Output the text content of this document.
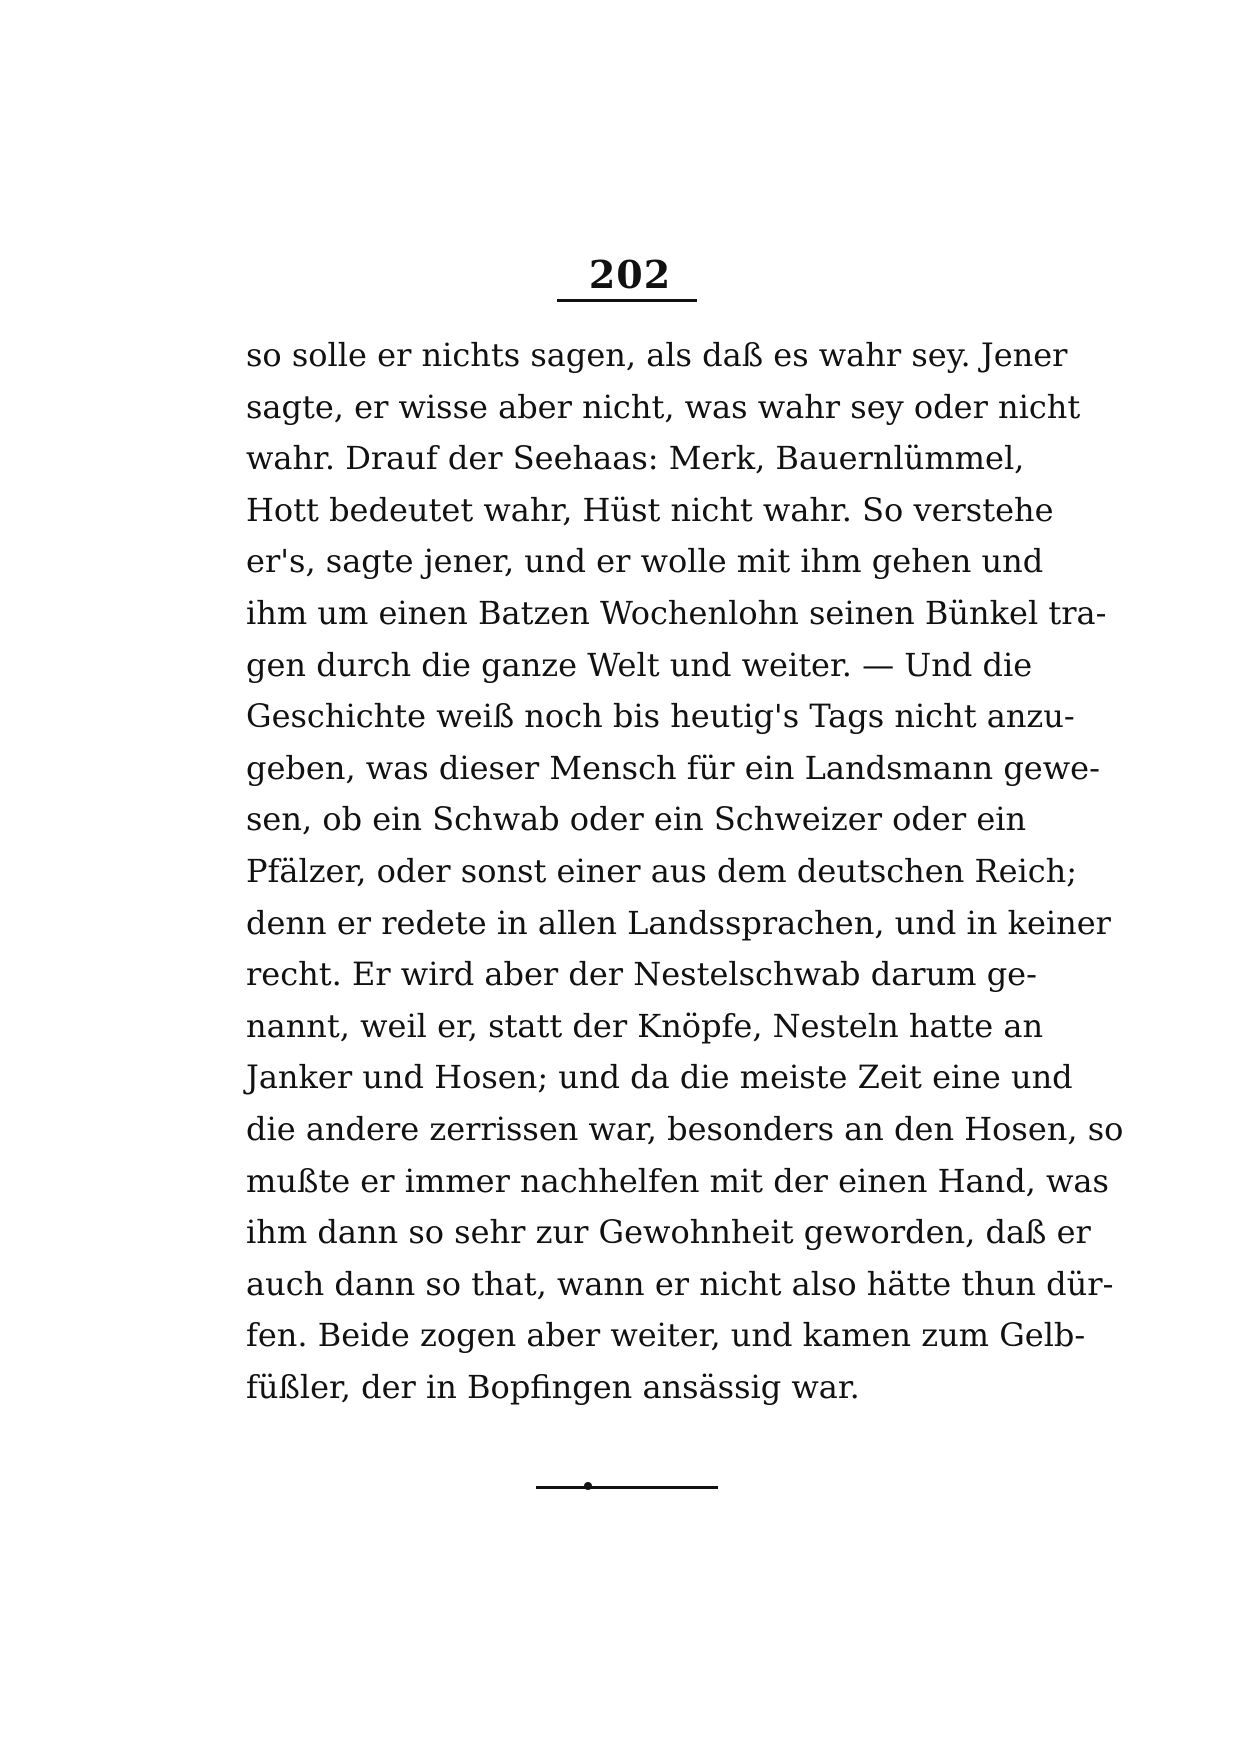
202
so solle er nichts sagen, als daß es wahr sey. Jener
sagte, er wisse aber nicht, was wahr sey oder nicht
wahr. Drauf der Seehaas: Merk, Bauernlümmel,
Hott bedeutet wahr, Hüst nicht wahr. So verstehe
er's, sagte jener, und er wolle mit ihm gehen und
ihm um einen Batzen Wochenlohn seinen Bünkel tra-
gen durch die ganze Welt und weiter. — Und die
Geschichte weiß noch bis heutig's Tags nicht anzu-
geben, was dieser Mensch für ein Landsmann gewe-
sen, ob ein Schwab oder ein Schweizer oder ein
Pfälzer, oder sonst einer aus dem deutschen Reich;
denn er redete in allen Landssprachen, und in keiner
recht. Er wird aber der Nestelschwab darum ge-
nannt, weil er, statt der Knöpfe, Nesteln hatte an
Janker und Hosen; und da die meiste Zeit eine und
die andere zerrissen war, besonders an den Hosen, so
mußte er immer nachhelfen mit der einen Hand, was
ihm dann so sehr zur Gewohnheit geworden, daß er
auch dann so that, wann er nicht also hätte thun dür-
fen. Beide zogen aber weiter, und kamen zum Gelb-
füßler, der in Bopfingen ansässig war.
